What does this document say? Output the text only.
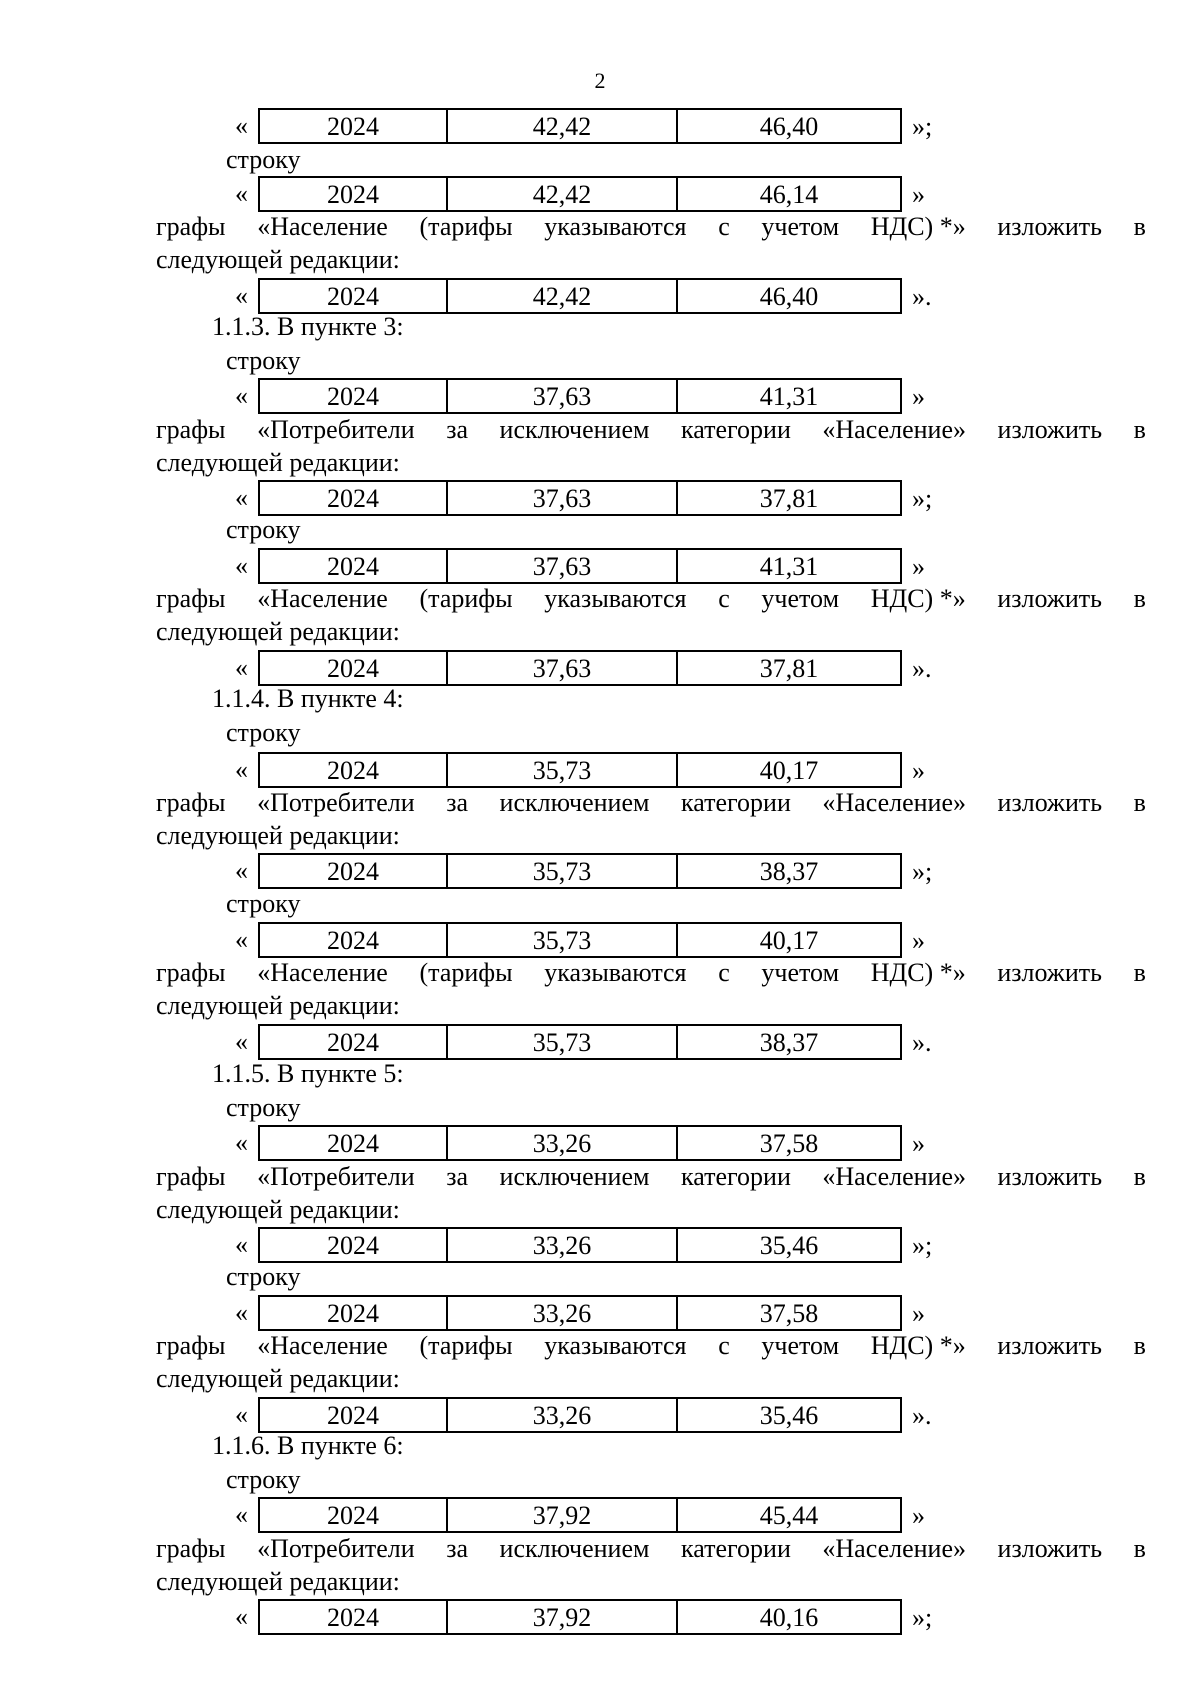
2
«	2024	42,42	46,40	»;
строку
«	2024	42,42	46,14	»
графы «Население (тарифы указываются с учетом НДС) *» изложить в
следующей редакции:
«	2024	42,42	46,40	».
1.1.3. В пункте 3:
строку
«	2024	37,63	41,31	»
графы «Потребители за исключением категории «Население» изложить в
следующей редакции:
«	2024	37,63	37,81	»;
строку
«	2024	37,63	41,31	»
графы «Население (тарифы указываются с учетом НДС) *» изложить в
следующей редакции:
«	2024	37,63	37,81	».
1.1.4. В пункте 4:
строку
«	2024	35,73	40,17	»
графы «Потребители за исключением категории «Население» изложить в
следующей редакции:
«	2024	35,73	38,37	»;
строку
«	2024	35,73	40,17	»
графы «Население (тарифы указываются с учетом НДС) *» изложить в
следующей редакции:
«	2024	35,73	38,37	».
1.1.5. В пункте 5:
строку
«	2024	33,26	37,58	»
графы «Потребители за исключением категории «Население» изложить в
следующей редакции:
«	2024	33,26	35,46	»;
строку
«	2024	33,26	37,58	»
графы «Население (тарифы указываются с учетом НДС) *» изложить в
следующей редакции:
«	2024	33,26	35,46	».
1.1.6. В пункте 6:
строку
«	2024	37,92	45,44	»
графы «Потребители за исключением категории «Население» изложить в
следующей редакции:
«	2024	37,92	40,16	»;
